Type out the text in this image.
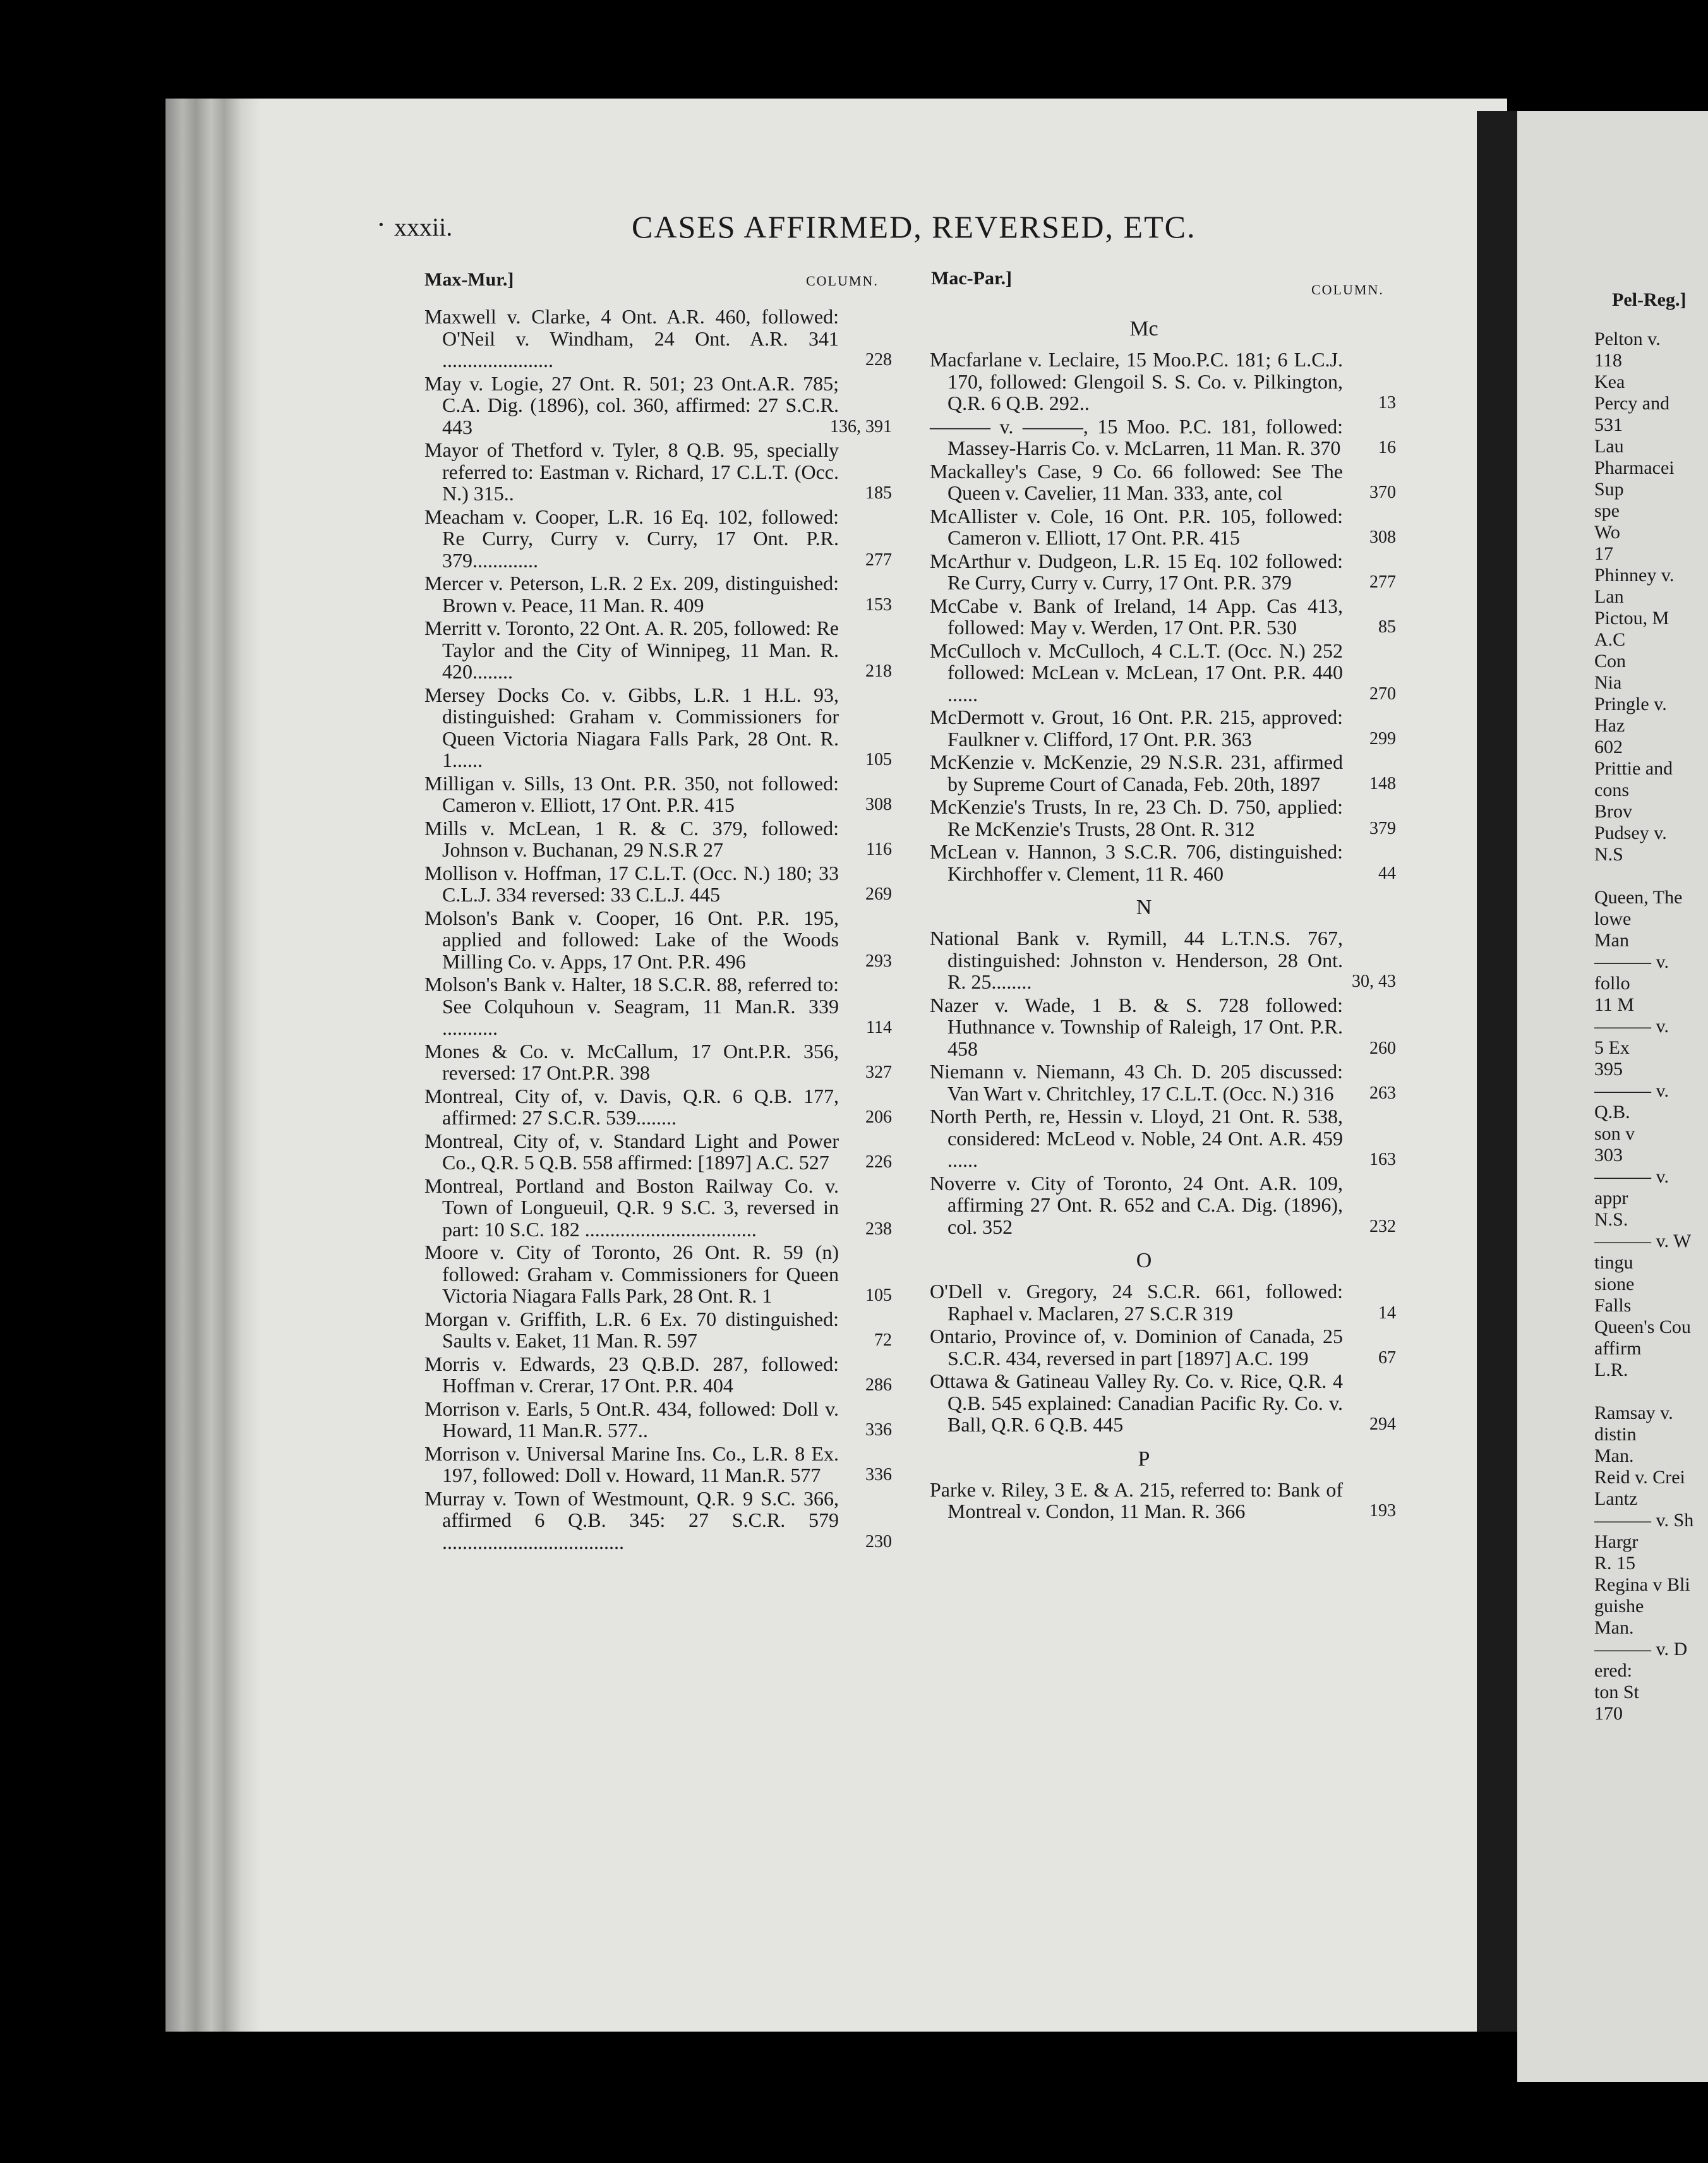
· xxxii.	CASES AFFIRMED, REVERSED, ETC.
Max-Mur.]	COLUMN.	Mac-Par.]
COLUMN.	Pel-Reg.]
Maxwell v. Clarke, 4 Ont. A.R. 460, followed: O'Neil v. Windham, 24 Ont. A.R. 341 ......................	228
May v. Logie, 27 Ont. R. 501; 23 Ont.A.R. 785; C.A. Dig. (1896), col. 360, affirmed: 27 S.C.R. 443	136, 391
Mayor of Thetford v. Tyler, 8 Q.B. 95, specially referred to: Eastman v. Richard, 17 C.L.T. (Occ. N.) 315..	185
Meacham v. Cooper, L.R. 16 Eq. 102, followed: Re Curry, Curry v. Curry, 17 Ont. P.R. 379.............	277
Mercer v. Peterson, L.R. 2 Ex. 209, distinguished: Brown v. Peace, 11 Man. R. 409	153
Merritt v. Toronto, 22 Ont. A. R. 205, followed: Re Taylor and the City of Winnipeg, 11 Man. R. 420........	218
Mersey Docks Co. v. Gibbs, L.R. 1 H.L. 93, distinguished: Graham v. Commissioners for Queen Victoria Niagara Falls Park, 28 Ont. R. 1......	105
Milligan v. Sills, 13 Ont. P.R. 350, not followed: Cameron v. Elliott, 17 Ont. P.R. 415	308
Mills v. McLean, 1 R. & C. 379, followed: Johnson v. Buchanan, 29 N.S.R 27	116
Mollison v. Hoffman, 17 C.L.T. (Occ. N.) 180; 33 C.L.J. 334 reversed: 33 C.L.J. 445	269
Molson's Bank v. Cooper, 16 Ont. P.R. 195, applied and followed: Lake of the Woods Milling Co. v. Apps, 17 Ont. P.R. 496	293
Molson's Bank v. Halter, 18 S.C.R. 88, referred to: See Colquhoun v. Seagram, 11 Man.R. 339 ...........	114
Mones & Co. v. McCallum, 17 Ont.P.R. 356, reversed: 17 Ont.P.R. 398	327
Montreal, City of, v. Davis, Q.R. 6 Q.B. 177, affirmed: 27 S.C.R. 539........	206
Montreal, City of, v. Standard Light and Power Co., Q.R. 5 Q.B. 558 affirmed: [1897] A.C. 527	226
Montreal, Portland and Boston Railway Co. v. Town of Longueuil, Q.R. 9 S.C. 3, reversed in part: 10 S.C. 182 ..................................	238
Moore v. City of Toronto, 26 Ont. R. 59 (n) followed: Graham v. Commissioners for Queen Victoria Niagara Falls Park, 28 Ont. R. 1	105
Morgan v. Griffith, L.R. 6 Ex. 70 distinguished: Saults v. Eaket, 11 Man. R. 597	72
Morris v. Edwards, 23 Q.B.D. 287, followed: Hoffman v. Crerar, 17 Ont. P.R. 404	286
Morrison v. Earls, 5 Ont.R. 434, followed: Doll v. Howard, 11 Man.R. 577..	336
Morrison v. Universal Marine Ins. Co., L.R. 8 Ex. 197, followed: Doll v. Howard, 11 Man.R. 577	336
Murray v. Town of Westmount, Q.R. 9 S.C. 366, affirmed 6 Q.B. 345: 27 S.C.R. 579 ....................................	230
Mc
Macfarlane v. Leclaire, 15 Moo.P.C. 181; 6 L.C.J. 170, followed: Glengoil S. S. Co. v. Pilkington, Q.R. 6 Q.B. 292..	13
——— v. ———, 15 Moo. P.C. 181, followed: Massey-Harris Co. v. McLarren, 11 Man. R. 370	16
Mackalley's Case, 9 Co. 66 followed: See The Queen v. Cavelier, 11 Man. 333, ante, col	370
McAllister v. Cole, 16 Ont. P.R. 105, followed: Cameron v. Elliott, 17 Ont. P.R. 415	308
McArthur v. Dudgeon, L.R. 15 Eq. 102 followed: Re Curry, Curry v. Curry, 17 Ont. P.R. 379	277
McCabe v. Bank of Ireland, 14 App. Cas 413, followed: May v. Werden, 17 Ont. P.R. 530	85
McCulloch v. McCulloch, 4 C.L.T. (Occ. N.) 252 followed: McLean v. McLean, 17 Ont. P.R. 440 ......	270
McDermott v. Grout, 16 Ont. P.R. 215, approved: Faulkner v. Clifford, 17 Ont. P.R. 363	299
McKenzie v. McKenzie, 29 N.S.R. 231, affirmed by Supreme Court of Canada, Feb. 20th, 1897	148
McKenzie's Trusts, In re, 23 Ch. D. 750, applied: Re McKenzie's Trusts, 28 Ont. R. 312	379
McLean v. Hannon, 3 S.C.R. 706, distinguished: Kirchhoffer v. Clement, 11 R. 460	44
N
National Bank v. Rymill, 44 L.T.N.S. 767, distinguished: Johnston v. Henderson, 28 Ont. R. 25........	30, 43
Nazer v. Wade, 1 B. & S. 728 followed: Huthnance v. Township of Raleigh, 17 Ont. P.R. 458	260
Niemann v. Niemann, 43 Ch. D. 205 discussed: Van Wart v. Chritchley, 17 C.L.T. (Occ. N.) 316	263
North Perth, re, Hessin v. Lloyd, 21 Ont. R. 538, considered: McLeod v. Noble, 24 Ont. A.R. 459 ......	163
Noverre v. City of Toronto, 24 Ont. A.R. 109, affirming 27 Ont. R. 652 and C.A. Dig. (1896), col. 352	232
O
O'Dell v. Gregory, 24 S.C.R. 661, followed: Raphael v. Maclaren, 27 S.C.R 319	14
Ontario, Province of, v. Dominion of Canada, 25 S.C.R. 434, reversed in part [1897] A.C. 199	67
Ottawa & Gatineau Valley Ry. Co. v. Rice, Q.R. 4 Q.B. 545 explained: Canadian Pacific Ry. Co. v. Ball, Q.R. 6 Q.B. 445	294
P
Parke v. Riley, 3 E. & A. 215, referred to: Bank of Montreal v. Condon, 11 Man. R. 366	193
Pelton v.
118
Kea
Percy and
531
Lau
Pharmacei
Sup
spe
Wo
17
Phinney v.
Lan
Pictou, M
A.C
Con
Nia
Pringle v.
Haz
602
Prittie and
cons
Brov
Pudsey v.
N.S

Queen, The
lowe
Man
——— v.
follo
11 M
——— v.
5 Ex
395
——— v.
Q.B.
son v
303
——— v.
appr
N.S.
——— v. W
tingu
sione
Falls
Queen's Cou
affirm
L.R.

Ramsay v.
distin
Man.
Reid v. Crei
Lantz
——— v. Sh
Hargr
R. 15
Regina v Bli
guishe
Man.
——— v. D
ered:
ton St
170
